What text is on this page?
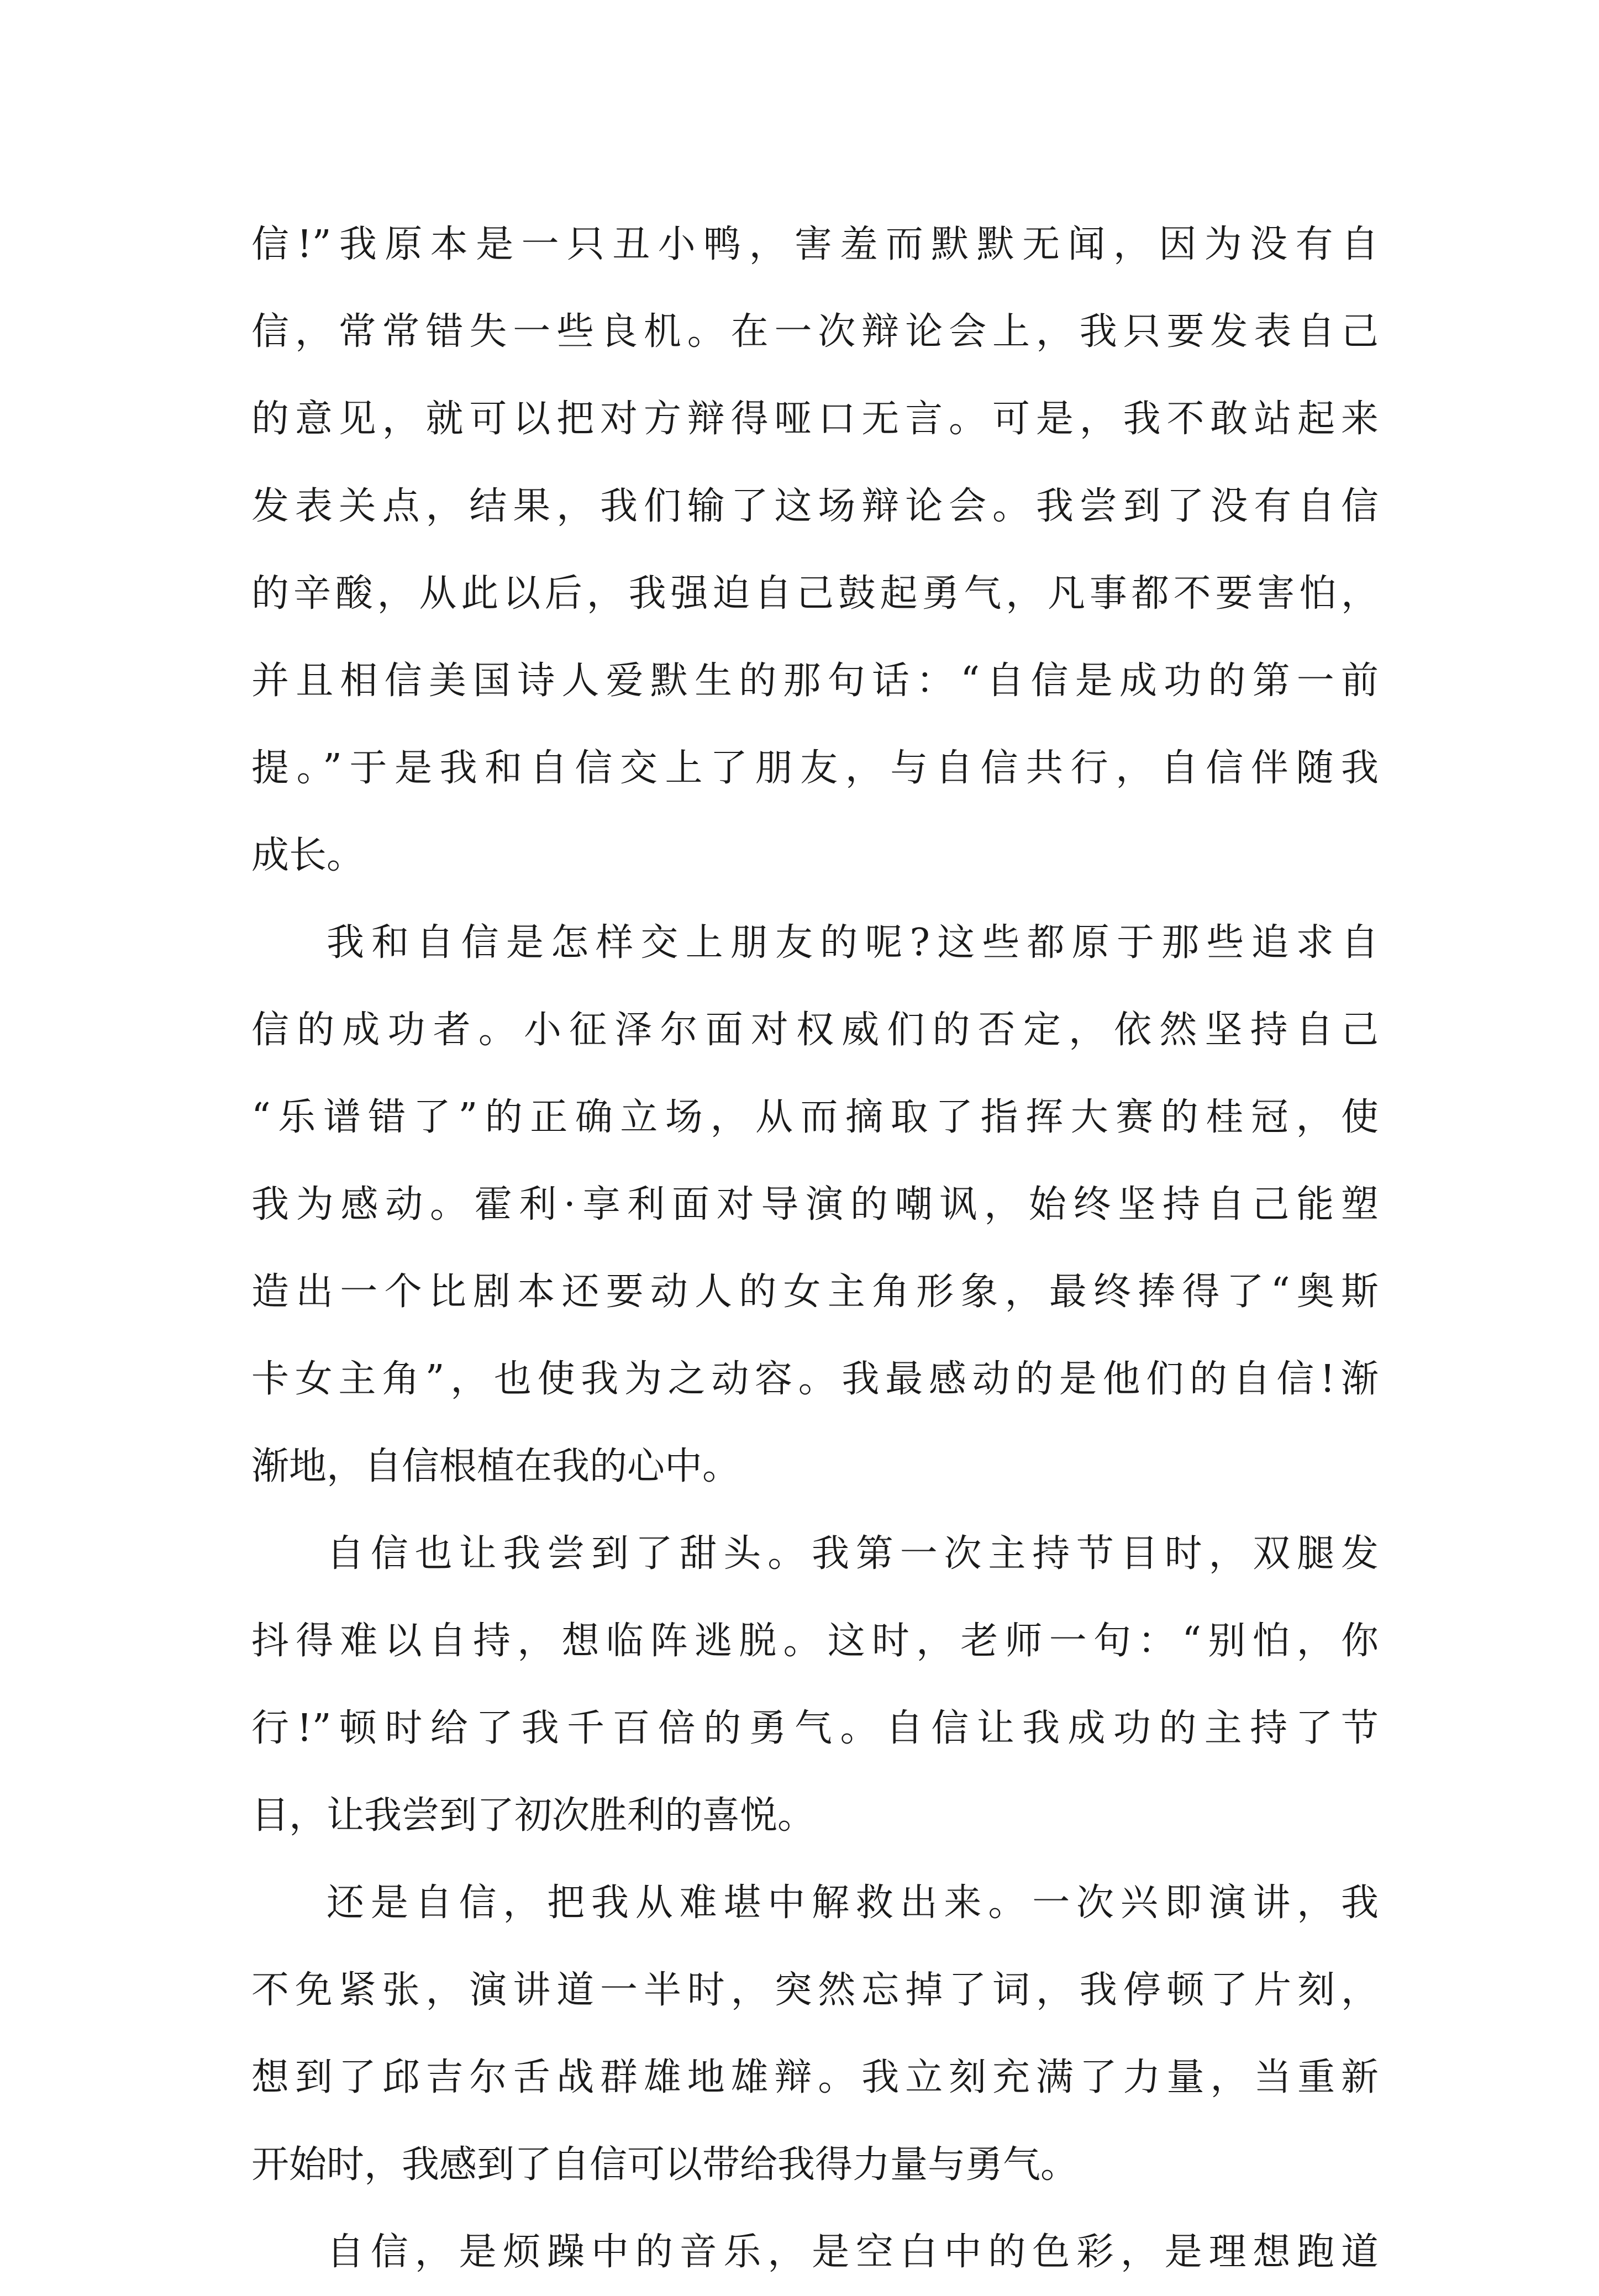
信!”我原本是一只丑小鸭，害羞而默默无闻，因为没有自
信，常常错失一些良机。在一次辩论会上，我只要发表自己
的意见，就可以把对方辩得哑口无言。可是，我不敢站起来
发表关点，结果，我们输了这场辩论会。我尝到了没有自信
的辛酸，从此以后，我强迫自己鼓起勇气，凡事都不要害怕，
并且相信美国诗人爱默生的那句话：“自信是成功的第一前
提。”于是我和自信交上了朋友，与自信共行，自信伴随我
成长。
我和自信是怎样交上朋友的呢?这些都原于那些追求自
信的成功者。小征泽尔面对权威们的否定，依然坚持自己
“乐谱错了”的正确立场，从而摘取了指挥大赛的桂冠，使
我为感动。霍利·享利面对导演的嘲讽，始终坚持自己能塑
造出一个比剧本还要动人的女主角形象，最终捧得了“奥斯
卡女主角”，也使我为之动容。我最感动的是他们的自信!渐
渐地，自信根植在我的心中。
自信也让我尝到了甜头。我第一次主持节目时，双腿发
抖得难以自持，想临阵逃脱。这时，老师一句：“别怕，你
行!”顿时给了我千百倍的勇气。自信让我成功的主持了节
目，让我尝到了初次胜利的喜悦。
还是自信，把我从难堪中解救出来。一次兴即演讲，我
不免紧张，演讲道一半时，突然忘掉了词，我停顿了片刻，
想到了邱吉尔舌战群雄地雄辩。我立刻充满了力量，当重新
开始时，我感到了自信可以带给我得力量与勇气。
自信，是烦躁中的音乐，是空白中的色彩，是理想跑道
